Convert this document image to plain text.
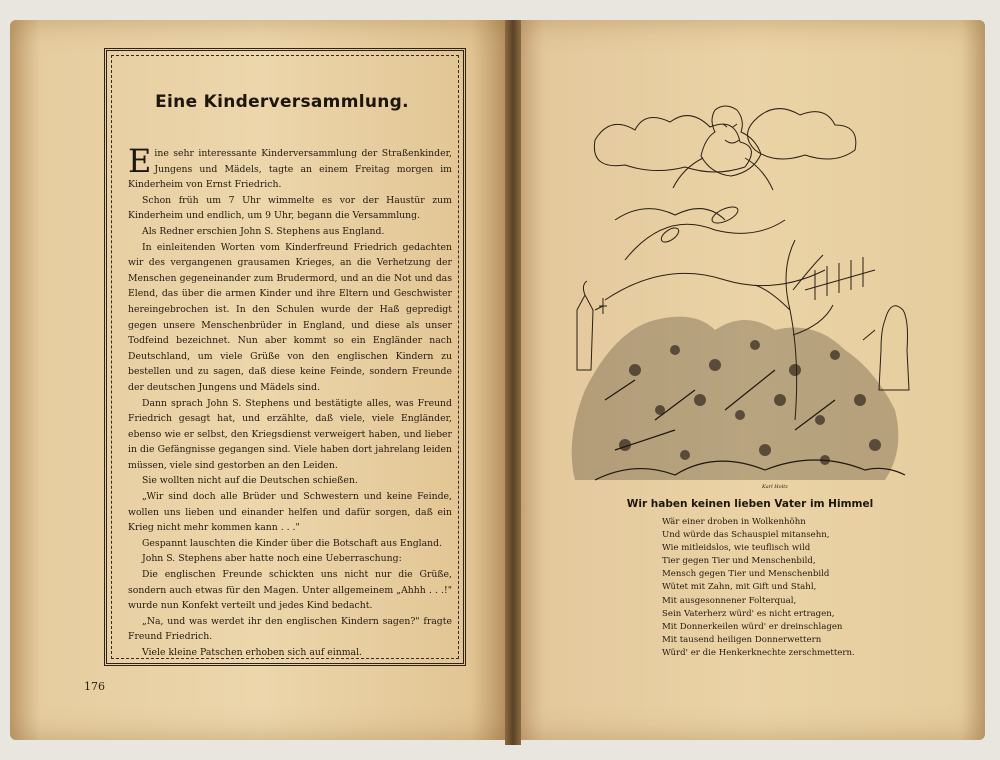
Eine Kinderversammlung.

Eine sehr interessante Kinderversammlung der Straßenkinder, Jungens und Mädels, tagte an einem Freitag morgen im Kinderheim von Ernst Friedrich.

Schon früh um 7 Uhr wimmelte es vor der Haustür zum Kinderheim und endlich, um 9 Uhr, begann die Versammlung.

Als Redner erschien John S. Stephens aus England.

In einleitenden Worten vom Kinderfreund Friedrich gedachten wir des vergangenen grausamen Krieges, an die Verhetzung der Menschen gegeneinander zum Brudermord, und an die Not und das Elend, das über die armen Kinder und ihre Eltern und Geschwister hereingebrochen ist. In den Schulen wurde der Haß gepredigt gegen unsere Menschenbrüder in England, und diese als unser Todfeind bezeichnet. Nun aber kommt so ein Engländer nach Deutschland, um viele Grüße von den englischen Kindern zu bestellen und zu sagen, daß diese keine Feinde, sondern Freunde der deutschen Jungens und Mädels sind.

Dann sprach John S. Stephens und bestätigte alles, was Freund Friedrich gesagt hat, und erzählte, daß viele, viele Engländer, ebenso wie er selbst, den Kriegsdienst verweigert haben, und lieber in die Gefängnisse gegangen sind. Viele haben dort jahrelang leiden müssen, viele sind gestorben an den Leiden.

Sie wollten nicht auf die Deutschen schießen.

„Wir sind doch alle Brüder und Schwestern und keine Feinde, wollen uns lieben und einander helfen und dafür sorgen, daß ein Krieg nicht mehr kommen kann . . ."

Gespannt lauschten die Kinder über die Botschaft aus England.

John S. Stephens aber hatte noch eine Ueberraschung:

Die englischen Freunde schickten uns nicht nur die Grüße, sondern auch etwas für den Magen. Unter allgemeinem „Ahhh . . .!" wurde nun Konfekt verteilt und jedes Kind bedacht.

„Na, und was werdet ihr den englischen Kindern sagen?" fragte Freund Friedrich.

Viele kleine Patschen erhoben sich auf einmal.

176
Karl Holtz
Wir haben keinen lieben Vater im Himmel
Wär einer droben in Wolkenhöhn
Und würde das Schauspiel mitansehn,
Wie mitleidslos, wie teuflisch wild
Tier gegen Tier und Menschenbild,
Mensch gegen Tier und Menschenbild
Wütet mit Zahn, mit Gift und Stahl,
Mit ausgesonnener Folterqual,
Sein Vaterherz würd' es nicht ertragen,
Mit Donnerkeilen würd' er dreinschlagen
Mit tausend heiligen Donnerwettern
Würd' er die Henkerknechte zerschmettern.
